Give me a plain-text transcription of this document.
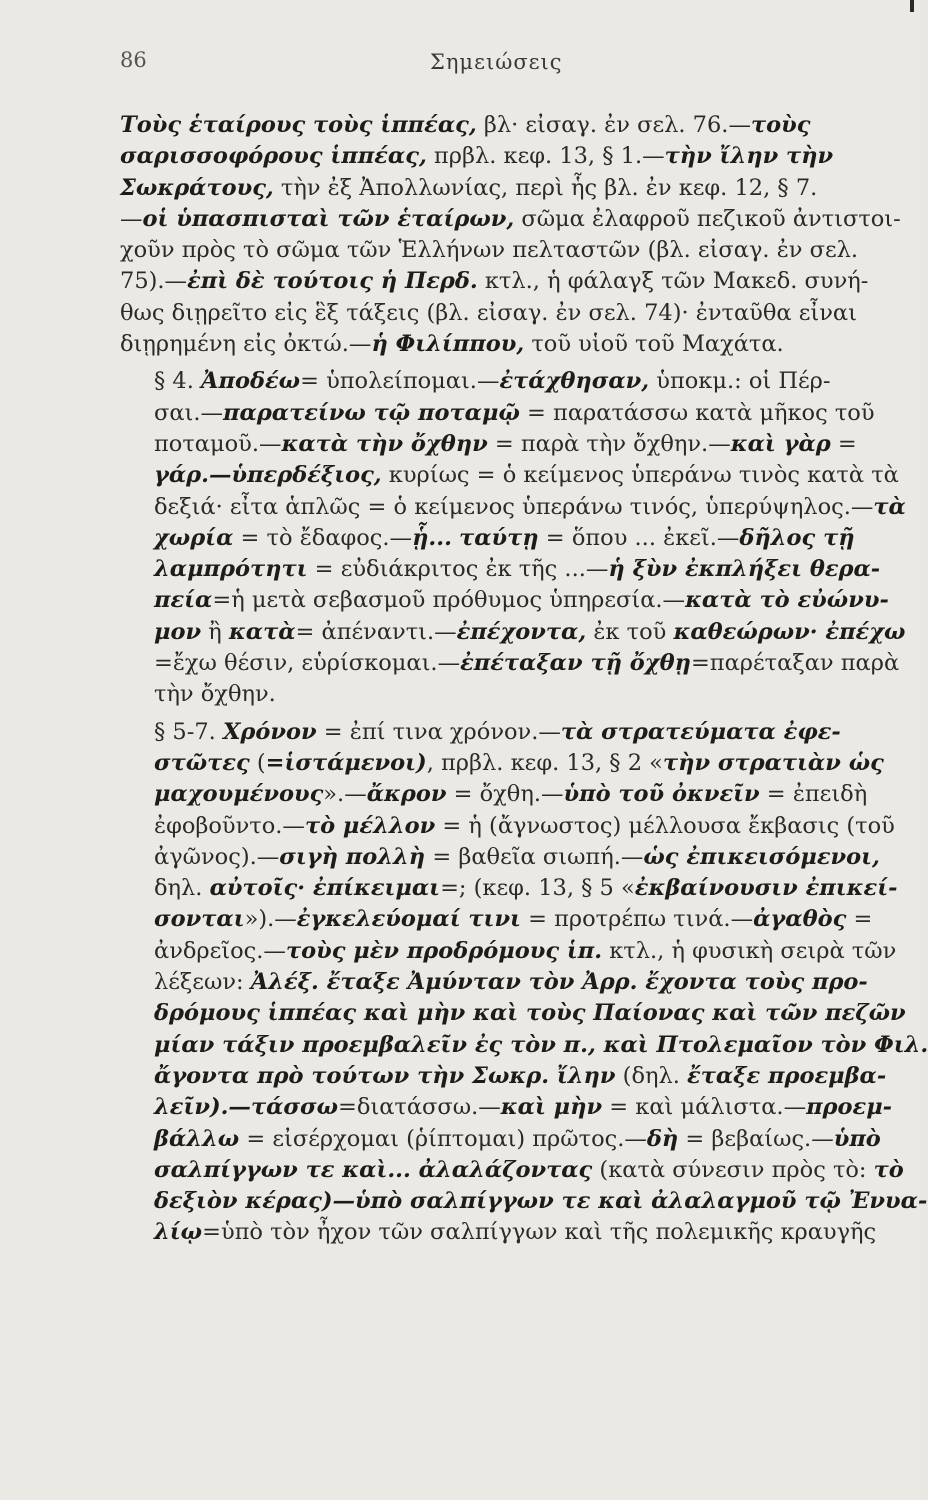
86	Σημειώσεις

Τοὺς ἑταίρους τοὺς ἱππέας, βλ· εἰσαγ. ἐν σελ. 76.—τοὺς
σαρισσοφόρους ἱππέας, πρβλ. κεφ. 13, § 1.—τὴν ἴλην τὴν
Σωκράτους, τὴν ἐξ Ἀπολλωνίας, περὶ ἧς βλ. ἐν κεφ. 12, § 7.
—οἱ ὑπασπισταὶ τῶν ἑταίρων, σῶμα ἐλαφροῦ πεζικοῦ ἀντιστοι-
χοῦν πρὸς τὸ σῶμα τῶν Ἑλλήνων πελταστῶν (βλ. εἰσαγ. ἐν σελ.
75).—ἐπὶ δὲ τούτοις ἡ Περδ. κτλ., ἡ φάλαγξ τῶν Μακεδ. συνή-
θως διῃρεῖτο εἰς ἓξ τάξεις (βλ. εἰσαγ. ἐν σελ. 74)· ἐνταῦθα εἶναι
διῃρημένη εἰς ὀκτώ.—ἡ Φιλίππου, τοῦ υἱοῦ τοῦ Μαχάτα.

§ 4. Ἀποδέω= ὑπολείπομαι.—ἐτάχθησαν, ὑποκμ.: οἱ Πέρ-
σαι.—παρατείνω τῷ ποταμῷ = παρατάσσω κατὰ μῆκος τοῦ
ποταμοῦ.—κατὰ τὴν ὄχθην = παρὰ τὴν ὄχθην.—καὶ γὰρ =
γάρ.—ὑπερδέξιος, κυρίως = ὁ κείμενος ὑπεράνω τινὸς κατὰ τὰ
δεξιά· εἶτα ἁπλῶς = ὁ κείμενος ὑπεράνω τινός, ὑπερύψηλος.—τὰ
χωρία = τὸ ἔδαφος.—ᾗ... ταύτῃ = ὅπου ... ἐκεῖ.—δῆλος τῇ
λαμπρότητι = εὐδιάκριτος ἐκ τῆς ...—ἡ ξὺν ἐκπλήξει θερα-
πεία=ἡ μετὰ σεβασμοῦ πρόθυμος ὑπηρεσία.—κατὰ τὸ εὐώνυ-
μον ἢ κατὰ= ἀπέναντι.—ἐπέχοντα, ἐκ τοῦ καθεώρων· ἐπέχω
=ἔχω θέσιν, εὑρίσκομαι.—ἐπέταξαν τῇ ὄχθῃ=παρέταξαν παρὰ
τὴν ὄχθην.

§ 5-7. Χρόνον = ἐπί τινα χρόνον.—τὰ στρατεύματα ἐφε-
στῶτες (=ἱστάμενοι), πρβλ. κεφ. 13, § 2 «τὴν στρατιὰν ὡς
μαχουμένους».—ἄκρον = ὄχθη.—ὑπὸ τοῦ ὀκνεῖν = ἐπειδὴ
ἐφοβοῦντο.—τὸ μέλλον = ἡ (ἄγνωστος) μέλλουσα ἔκβασις (τοῦ
ἀγῶνος).—σιγὴ πολλὴ = βαθεῖα σιωπή.—ὡς ἐπικεισόμενοι,
δηλ. αὐτοῖς· ἐπίκειμαι=; (κεφ. 13, § 5 «ἐκβαίνουσιν ἐπικεί-
σονται»).—ἐγκελεύομαί τινι = προτρέπω τινά.—ἀγαθὸς =
ἀνδρεῖος.—τοὺς μὲν προδρόμους ἱπ. κτλ., ἡ φυσικὴ σειρὰ τῶν
λέξεων: Ἀλέξ. ἔταξε Ἀμύνταν τὸν Ἀρρ. ἔχοντα τοὺς προ-
δρόμους ἱππέας καὶ μὴν καὶ τοὺς Παίονας καὶ τῶν πεζῶν
μίαν τάξιν προεμβαλεῖν ἐς τὸν π., καὶ Πτολεμαῖον τὸν Φιλ.
ἄγοντα πρὸ τούτων τὴν Σωκρ. ἴλην (δηλ. ἔταξε προεμβα-
λεῖν).—τάσσω=διατάσσω.—καὶ μὴν = καὶ μάλιστα.—προεμ-
βάλλω = εἰσέρχομαι (ῥίπτομαι) πρῶτος.—δὴ = βεβαίως.—ὑπὸ
σαλπίγγων τε καὶ... ἀλαλάζοντας (κατὰ σύνεσιν πρὸς τὸ: τὸ
δεξιὸν κέρας)—ὑπὸ σαλπίγγων τε καὶ ἀλαλαγμοῦ τῷ Ἐνυα-
λίῳ=ὑπὸ τὸν ἦχον τῶν σαλπίγγων καὶ τῆς πολεμικῆς κραυγῆς
